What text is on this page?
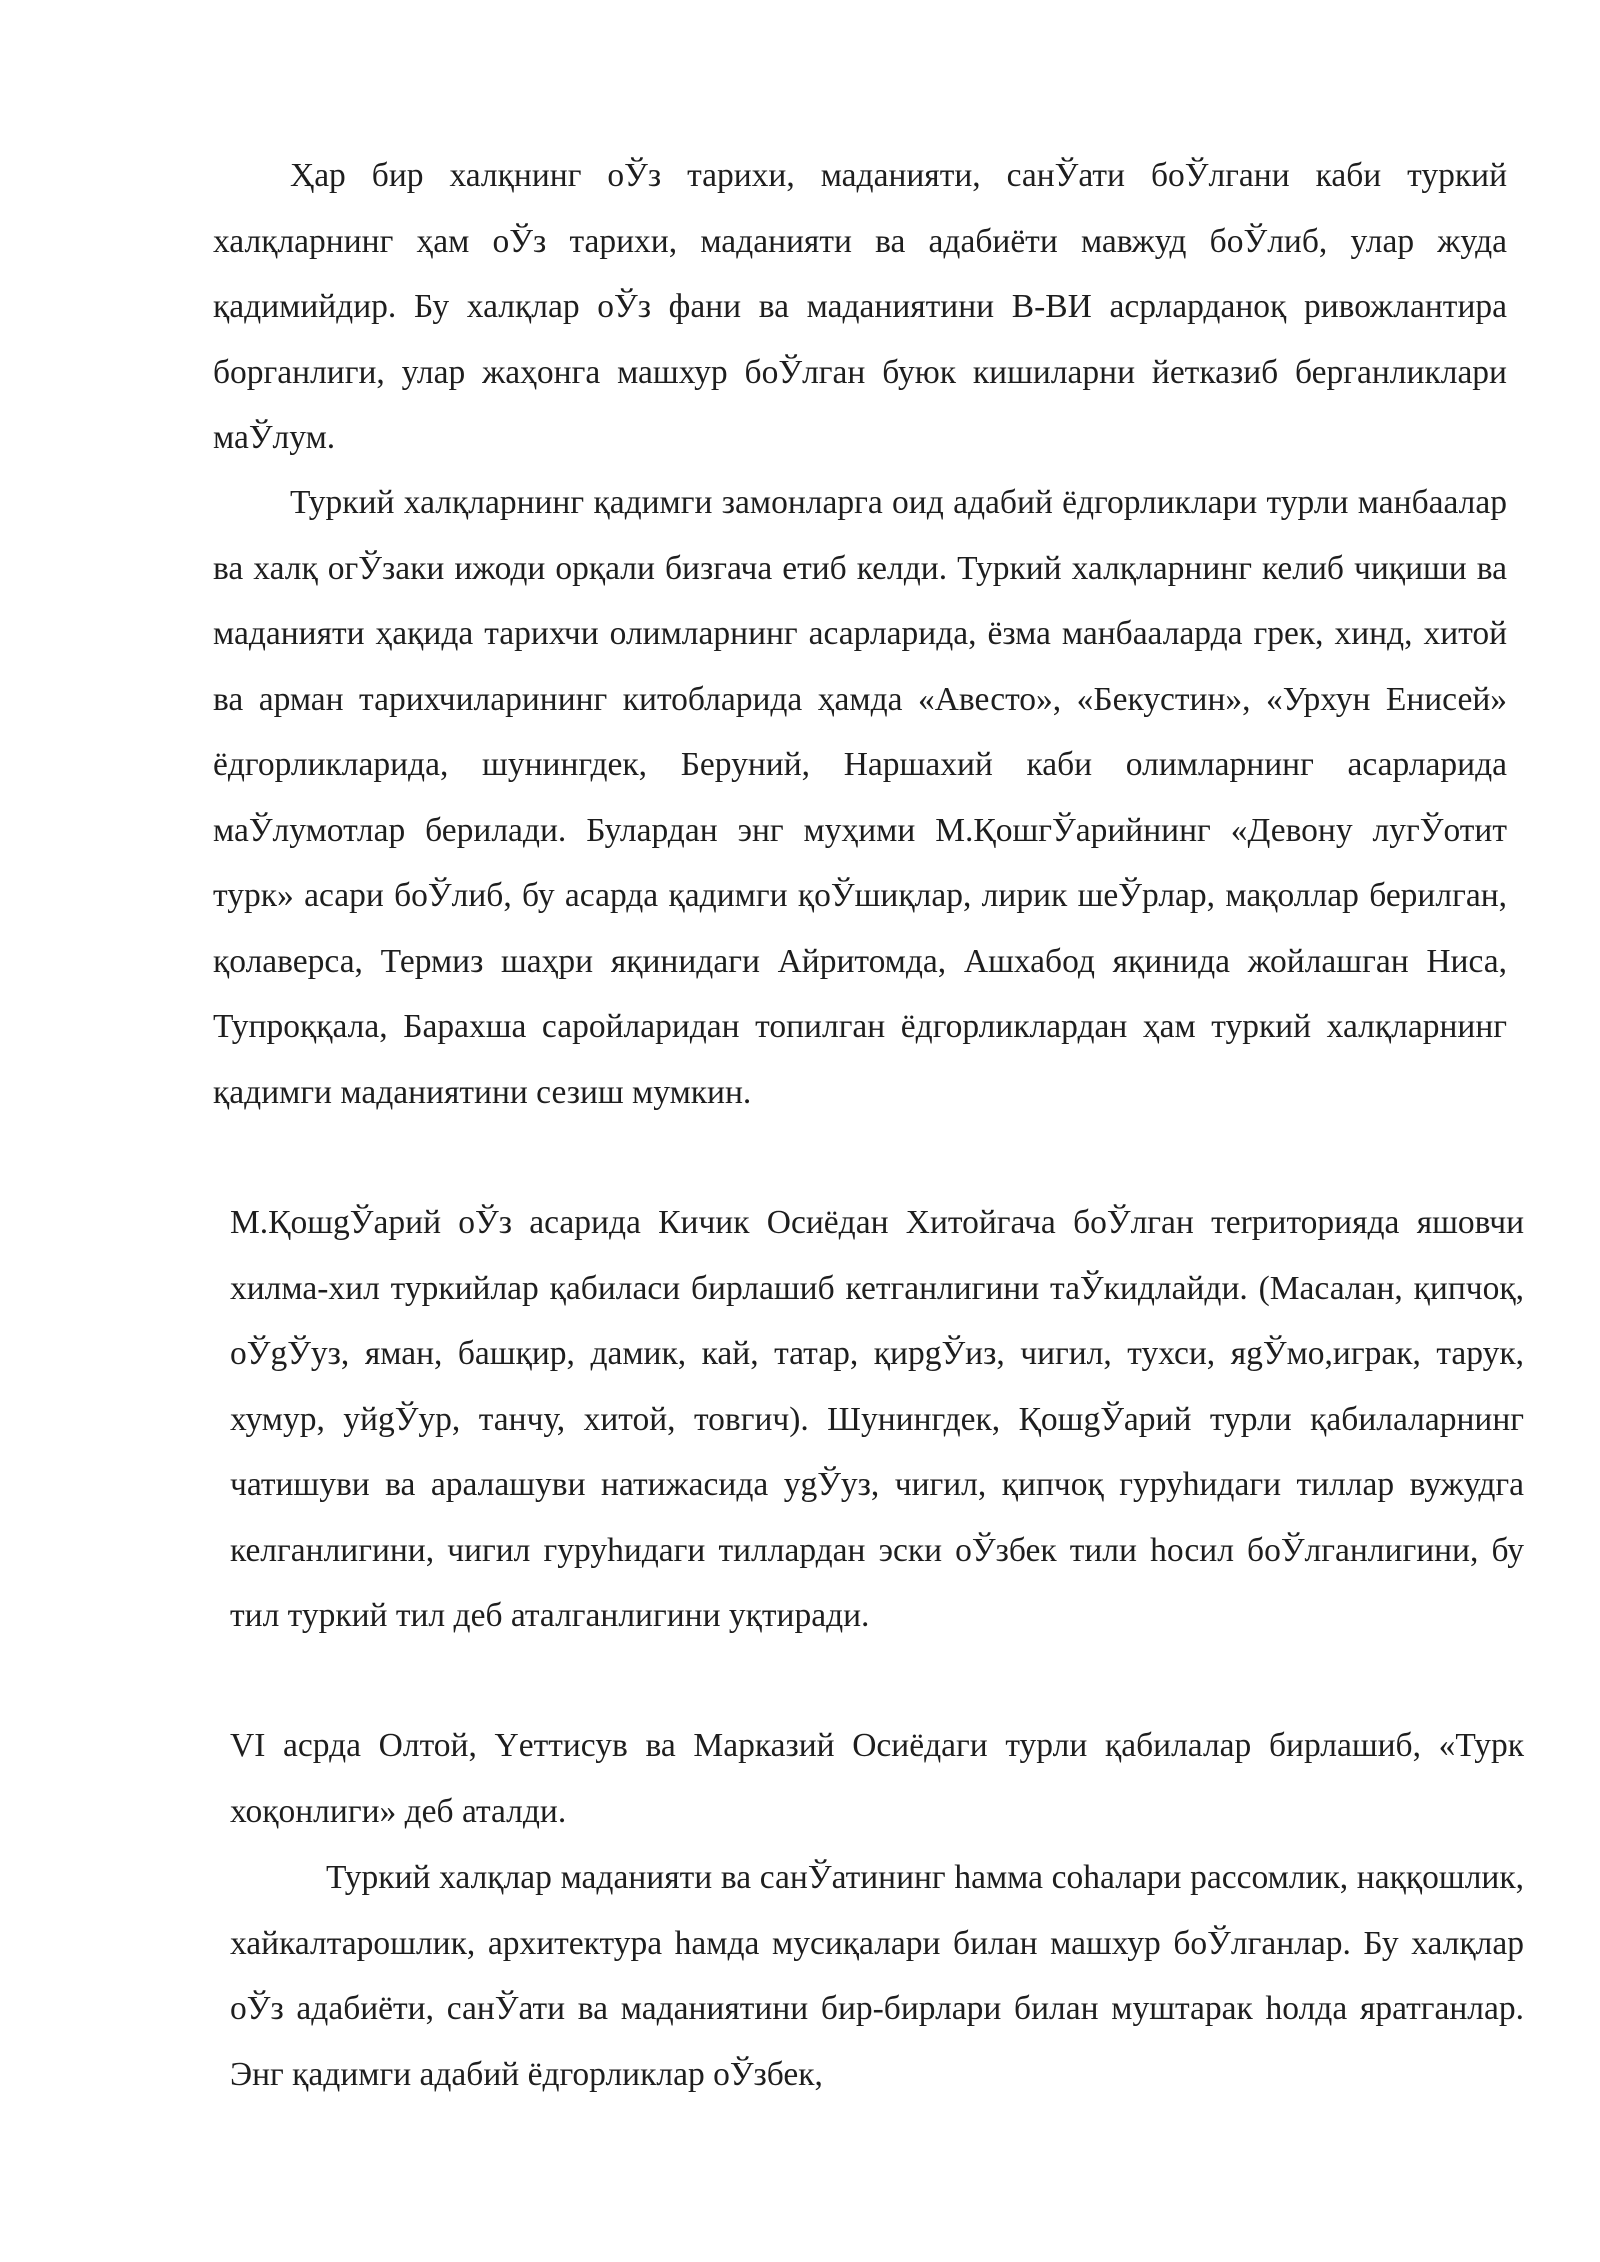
Ҳар бир халқнинг оЎз тарихи, маданияти, санЎати боЎлгани каби туркий халқларнинг ҳам оЎз тарихи, маданияти ва адабиёти мавжуд боЎлиб, улар жуда қадимийдир. Бу халқлар оЎз фани ва маданиятини В-ВИ асрларданоқ ривожлантира борганлиги, улар жаҳонга машхур боЎлган буюк кишиларни йетказиб берганликлари маЎлум.

Туркий халқларнинг қадимги замонларга оид адабий ёдгорликлари турли манбаалар ва халқ огЎзаки ижоди орқали бизгача етиб келди. Туркий халқларнинг келиб чиқиши ва маданияти ҳақида тарихчи олимларнинг асарларида, ёзма манбааларда грек, хинд, хитой ва арман тарихчиларининг китобларида ҳамда «Авесто», «Бекустин», «Урхун Енисей» ёдгорликларида, шунингдек, Беруний, Наршахий каби олимларнинг асарларида маЎлумотлар берилади. Булардан энг муҳими М.ҚошгЎарийнинг «Девону лугЎотит турк» асари боЎлиб, бу асарда қадимги қоЎшиқлар, лирик шеЎрлар, мақоллар берилган, қолаверса, Термиз шаҳри яқинидаги Айритомда, Ашхабод яқинида жойлашган Ниса, Тупроққала, Барахша саройларидан топилган ёдгорликлардан ҳам туркий халқларнинг қадимги маданиятини сезиш мумкин.

М.ҚошgЎарий оЎз асарида Кичик Осиёдан Хитойгача боЎлган теrриторияда яшовчи хилма-хил туркийлар қабиласи бирлашиб кетганлигини таЎкидлайди. (Масалан, қипчоқ, оЎgЎуз, яман, башқир, дамик, кай, татар, қирgЎиз, чигил, тухси, яgЎмо,играк, тарук, хумур, уйgЎур, танчу, хитой, товгич). Шунингдек, ҚошgЎарий турли қабилаларнинг чатишуви ва аралашуви натижасида уgЎуз, чигил, қипчоқ гуруһидаги тиллар вужудга келганлигини, чигил гуруһидаги тиллардан эски оЎзбек тили һосил боЎлганлигини, бу тил туркий тил деб аталганлигини уқтиради.

VI асрда Олтой, Үеттисув ва Марказий Осиёдаги турли қабилалар бирлашиб, «Турк хоқонлиги» деб аталди.

Туркий халқлар маданияти ва санЎатининг һамма соһалари рассомлик, наққошлик, хайкалтарошлик, архитектура һамда мусиқалари билан машхур боЎлганлар. Бу халқлар оЎз адабиёти, санЎати ва маданиятини бир-бирлари билан муштарак һолда яратганлар. Энг қадимги адабий ёдгорликлар оЎзбек,
